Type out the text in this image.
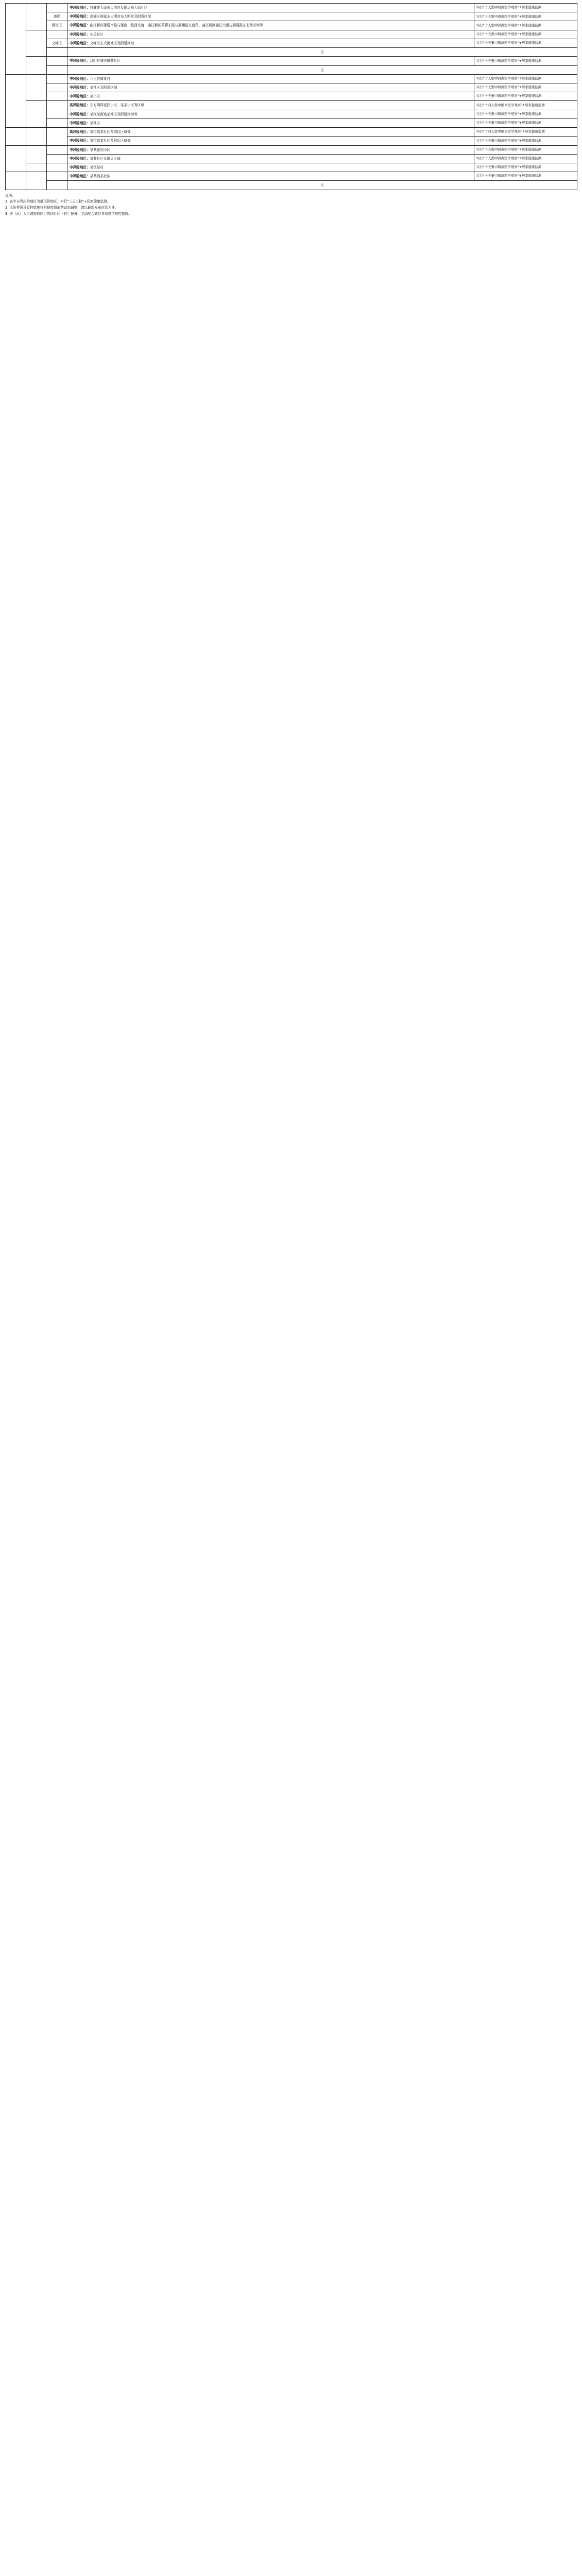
			中风险地区：雅鑫苑大厦东大明宫及附近东大街社区	实行"十天集中隔离医学观察"+居家健康监测
		莲湖	中风险地区：莲湖区莲花东大明宫东大明宫及附近区域	实行"十天集中隔离医学观察"+居家健康监测
		雁塔区	中风险地区：曲江新区雁塔南路与雁南一路西北角、曲江新区芙蓉东路与雁翔路东南角、曲江新区曲江大道与雁展路东北角区域等	实行"十天集中隔离医学观察"+居家健康监测
			中风险地区：东关社区	实行"十天集中隔离医学观察"+居家健康监测
		文峰区	中风险地区：文峰区东大街社区及附近区域	实行"十天集中隔离医学观察"+居家健康监测
			无	
			中风险地区：汤阴县城关镇某社区	实行"十天集中隔离医学观察"+居家健康监测
			无	
			中风险地区：八里营镇某村	实行"十天集中隔离医学观察"+居家健康监测
			中风险地区：某社区及附近区域	实行"十天集中隔离医学观察"+居家健康监测
			中风险地区：某小区	实行"十天集中隔离医学观察"+居家健康监测
			高风险地区：东方明珠花园小区、某某小区等区域	实行"十四天集中隔离医学观察"+居家健康监测
			中风险地区：某区某街道某社区及附近区域等	实行"十天集中隔离医学观察"+居家健康监测
			中风险地区：某社区	实行"十天集中隔离医学观察"+居家健康监测
			高风险地区：某街道某社区及周边区域等	实行"十四天集中隔离医学观察"+居家健康监测
			中风险地区：某街道某社区及附近区域等	实行"十天集中隔离医学观察"+居家健康监测
			中风险地区：某某花园小区	实行"十天集中隔离医学观察"+居家健康监测
			中风险地区：某某社区及附近区域	实行"十天集中隔离医学观察"+居家健康监测
			中风险地区：某镇某村	实行"十天集中隔离医学观察"+居家健康监测
			中风险地区：某某镇某社区	实行"十天集中隔离医学观察"+居家健康监测
			无	

说明：

1. 表中未列出的地区为低风险地区，实行"三天三检"+居家健康监测。

2. 风险等级及管控措施将根据疫情形势动态调整，请以最新发布信息为准。

3. 来（返）人员请提前向目的地社区（村）报备，主动配合做好各项疫情防控措施。
